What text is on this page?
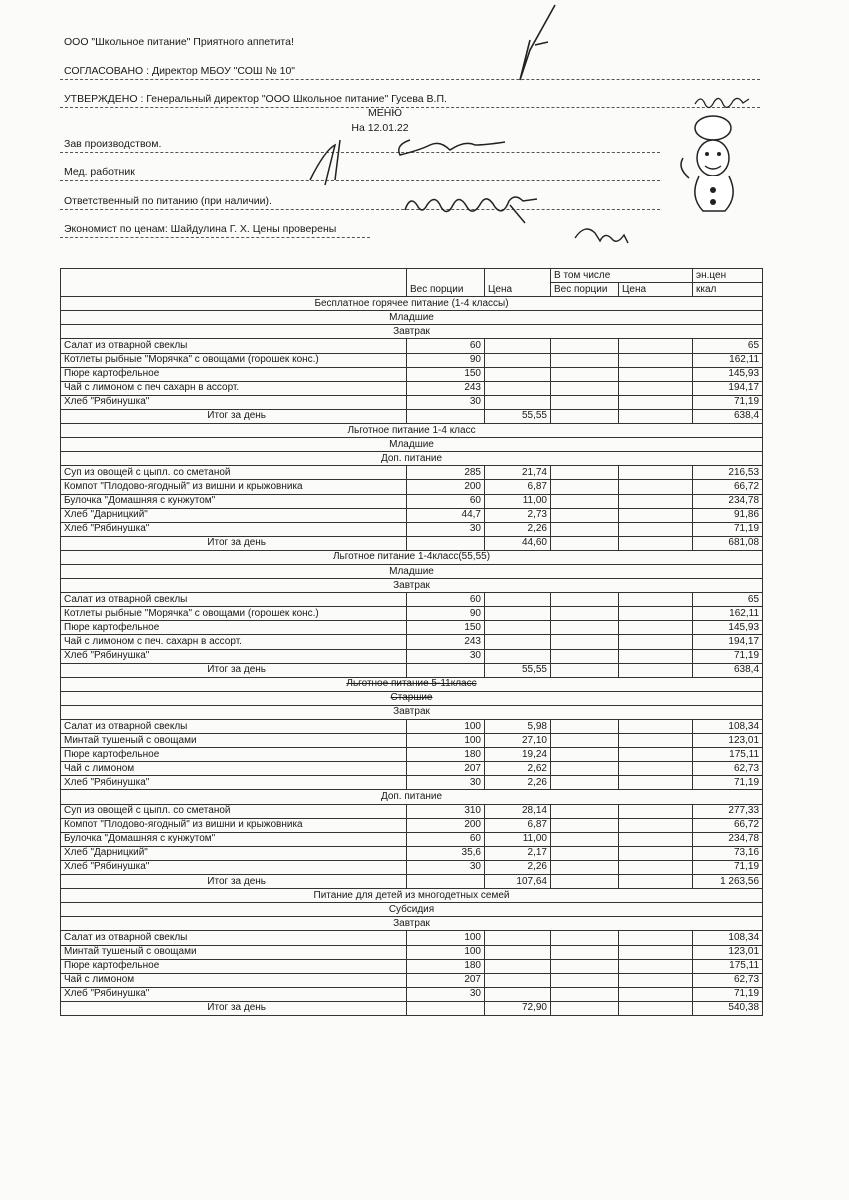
ООО "Школьное питание" Приятного аппетита!
СОГЛАСОВАНО : Директор МБОУ "СОШ № 10"
УТВЕРЖДЕНО : Генеральный директор "ООО Школьное питание" Гусева В.П.
МЕНЮ
На 12.01.22
Зав производством.
Мед. работник
Ответственный по питанию (при наличии).
Экономист по ценам: Шайдулина Г. Х. Цены проверены
	Вес порции	Цена	В том числе		эн.цен
			Вес порции	Цена	ккал
Бесплатное горячее питание (1-4 классы)					
Младшие					
Завтрак					
Салат из отварной свеклы	60				65
Котлеты рыбные "Морячка" с овощами (горошек конс.)	90				162,11
Пюре картофельное	150				145,93
Чай с лимоном с печ сахарн в ассорт.	243				194,17
Хлеб "Рябинушка"	30				71,19
Итог за день		55,55			638,4
Льготное питание 1-4 класс					
Младшие					
Доп. питание					
Суп из овощей с цыпл. со сметаной	285	21,74			216,53
Компот "Плодово-ягодный" из вишни и крыжовника	200	6,87			66,72
Булочка "Домашняя с кунжутом"	60	11,00			234,78
Хлеб "Дарницкий"	44,7	2,73			91,86
Хлеб "Рябинушка"	30	2,26			71,19
Итог за день		44,60			681,08
Льготное питание 1-4класс(55,55)					
Младшие					
Завтрак					
Салат из отварной свеклы	60				65
Котлеты рыбные "Морячка" с овощами (горошек конс.)	90				162,11
Пюре картофельное	150				145,93
Чай с лимоном с печ. сахарн в ассорт.	243				194,17
Хлеб "Рябинушка"	30				71,19
Итог за день		55,55			638,4
Льготное питание 5-11класс					
Старшие					
Завтрак					
Салат из отварной свеклы	100	5,98			108,34
Минтай тушеный с овощами	100	27,10			123,01
Пюре картофельное	180	19,24			175,11
Чай с лимоном	207	2,62			62,73
Хлеб "Рябинушка"	30	2,26			71,19
Доп. питание					
Суп из овощей с цыпл. со сметаной	310	28,14			277,33
Компот "Плодово-ягодный" из вишни и крыжовника	200	6,87			66,72
Булочка "Домашняя с кунжутом"	60	11,00			234,78
Хлеб "Дарницкий"	35,6	2,17			73,16
Хлеб "Рябинушка"	30	2,26			71,19
Итог за день		107,64			1 263,56
Питание для детей из многодетных семей					
Субсидия					
Завтрак					
Салат из отварной свеклы	100				108,34
Минтай тушеный с овощами	100				123,01
Пюре картофельное	180				175,11
Чай с лимоном	207				62,73
Хлеб "Рябинушка"	30				71,19
Итог за день		72,90			540,38
